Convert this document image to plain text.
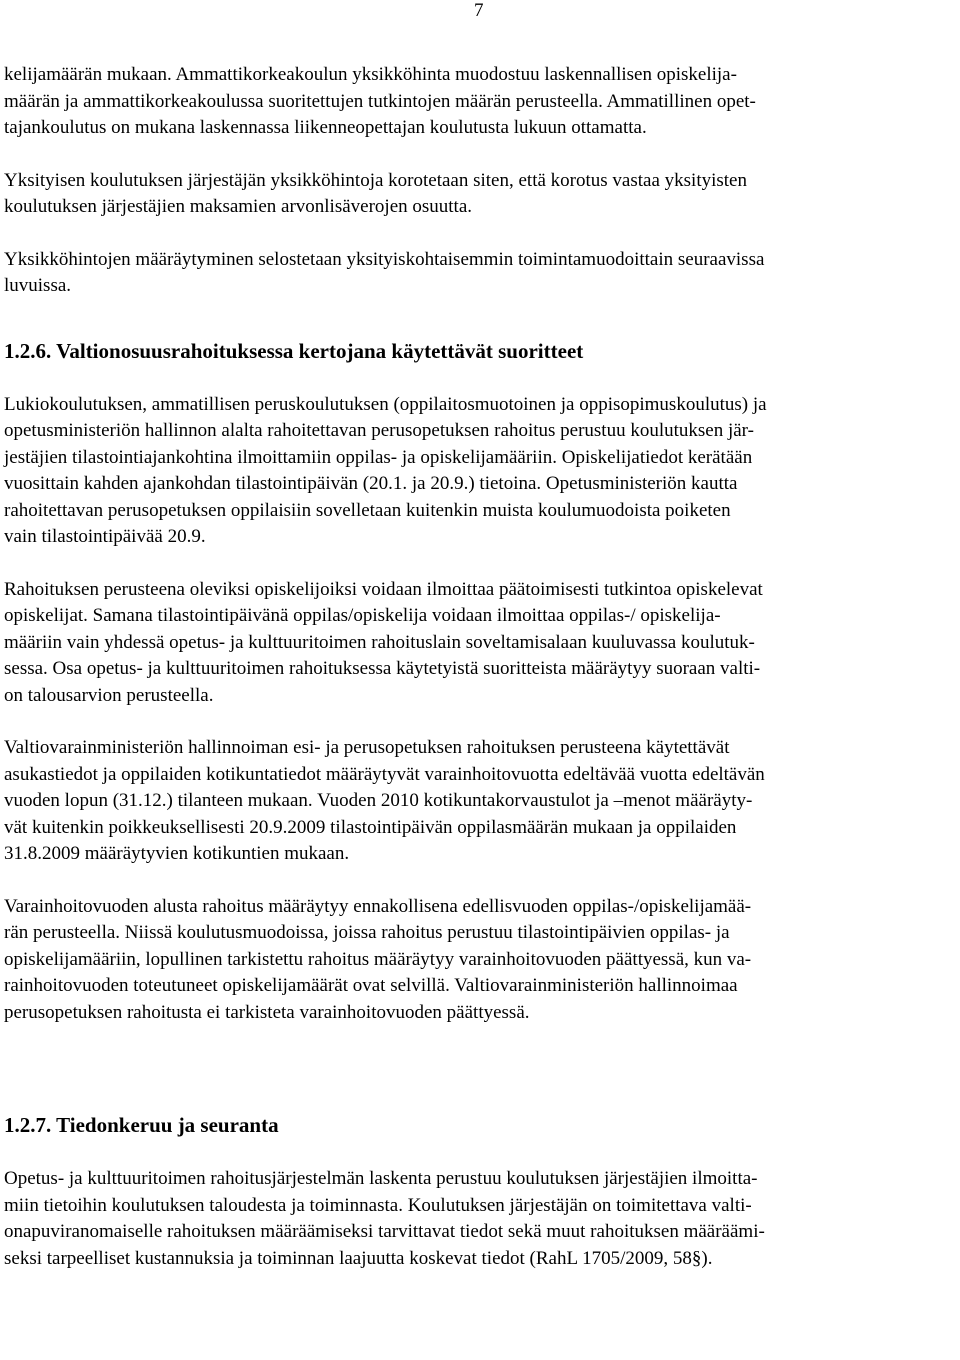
7
kelijamäärän mukaan. Ammattikorkeakoulun yksikköhinta muodostuu laskennallisen opiskelija-
määrän ja ammattikorkeakoulussa suoritettujen tutkintojen määrän perusteella. Ammatillinen opet-
tajankoulutus on mukana laskennassa liikenneopettajan koulutusta lukuun ottamatta.
Yksityisen koulutuksen järjestäjän yksikköhintoja korotetaan siten, että korotus vastaa yksityisten
koulutuksen järjestäjien maksamien arvonlisäverojen osuutta.
Yksikköhintojen määräytyminen selostetaan yksityiskohtaisemmin toimintamuodoittain seuraavissa
luvuissa.
1.2.6. Valtionosuusrahoituksessa kertojana käytettävät suoritteet
Lukiokoulutuksen, ammatillisen peruskoulutuksen (oppilaitosmuotoinen ja oppisopimuskoulutus) ja
opetusministeriön hallinnon alalta rahoitettavan perusopetuksen rahoitus perustuu koulutuksen jär-
jestäjien tilastointiajankohtina ilmoittamiin oppilas- ja opiskelijamääriin. Opiskelijatiedot kerätään
vuosittain kahden ajankohdan tilastointipäivän (20.1. ja 20.9.) tietoina. Opetusministeriön kautta
rahoitettavan perusopetuksen oppilaisiin sovelletaan kuitenkin muista koulumuodoista poiketen
vain tilastointipäivää 20.9.
Rahoituksen perusteena oleviksi opiskelijoiksi voidaan ilmoittaa päätoimisesti tutkintoa opiskelevat
opiskelijat. Samana tilastointipäivänä oppilas/opiskelija voidaan ilmoittaa oppilas-/ opiskelija-
määriin vain yhdessä opetus- ja kulttuuritoimen rahoituslain soveltamisalaan kuuluvassa koulutuk-
sessa. Osa opetus- ja kulttuuritoimen rahoituksessa käytetyistä suoritteista määräytyy suoraan valti-
on talousarvion perusteella.
Valtiovarainministeriön hallinnoiman esi- ja perusopetuksen rahoituksen perusteena käytettävät
asukastiedot ja oppilaiden kotikuntatiedot määräytyvät varainhoitovuotta edeltävää vuotta edeltävän
vuoden lopun (31.12.) tilanteen mukaan. Vuoden 2010 kotikuntakorvaustulot ja –menot määräyty-
vät kuitenkin poikkeuksellisesti 20.9.2009 tilastointipäivän oppilasmäärän mukaan ja oppilaiden
31.8.2009 määräytyvien kotikuntien mukaan.
Varainhoitovuoden alusta rahoitus määräytyy ennakollisena edellisvuoden oppilas-/opiskelijamää-
rän perusteella. Niissä koulutusmuodoissa, joissa rahoitus perustuu tilastointipäivien oppilas- ja
opiskelijamääriin, lopullinen tarkistettu rahoitus määräytyy varainhoitovuoden päättyessä, kun va-
rainhoitovuoden toteutuneet opiskelijamäärät ovat selvillä. Valtiovarainministeriön hallinnoimaa
perusopetuksen rahoitusta ei tarkisteta varainhoitovuoden päättyessä.
1.2.7. Tiedonkeruu ja seuranta
Opetus- ja kulttuuritoimen rahoitusjärjestelmän laskenta perustuu koulutuksen järjestäjien ilmoitta-
miin tietoihin koulutuksen taloudesta ja toiminnasta. Koulutuksen järjestäjän on toimitettava valti-
onapuviranomaiselle rahoituksen määräämiseksi tarvittavat tiedot sekä muut rahoituksen määräämi-
seksi tarpeelliset kustannuksia ja toiminnan laajuutta koskevat tiedot (RahL 1705/2009, 58§).
